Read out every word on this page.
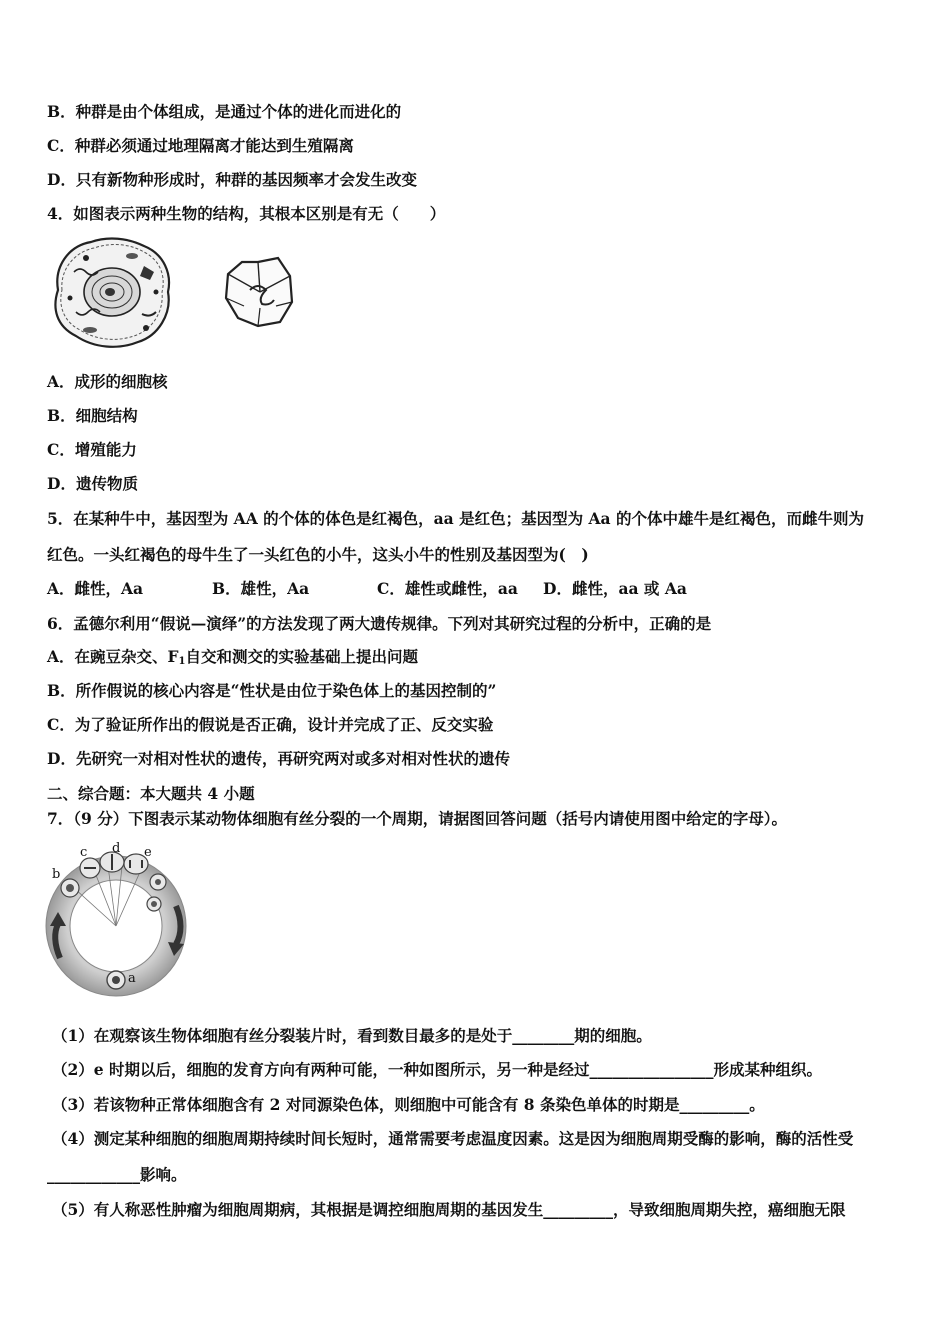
B．种群是由个体组成，是通过个体的进化而进化的
C．种群必须通过地理隔离才能达到生殖隔离
D．只有新物种形成时，种群的基因频率才会发生改变
4．如图表示两种生物的结构，其根本区别是有无（　　）
A．成形的细胞核
B．细胞结构
C．增殖能力
D．遗传物质
5．在某种牛中，基因型为 AA 的个体的体色是红褐色，aa 是红色；基因型为 Aa 的个体中雄牛是红褐色，而雌牛则为
红色。一头红褐色的母牛生了一头红色的小牛，这头小牛的性别及基因型为(　)
A．雌性，Aa	B．雄性，Aa	C．雄性或雌性，aa D．雌性，aa 或 Aa
6．孟德尔利用“假说—演绎”的方法发现了两大遗传规律。下列对其研究过程的分析中，正确的是
A．在豌豆杂交、$F_1$自交和测交的实验基础上提出问题
B．所作假说的核心内容是“性状是由位于染色体上的基因控制的”
C．为了验证所作出的假说是否正确，设计并完成了正、反交实验
D．先研究一对相对性状的遗传，再研究两对或多对相对性状的遗传
二、综合题：本大题共 4 小题
7．（9 分）下图表示某动物体细胞有丝分裂的一个周期，请据图回答问题（括号内请使用图中给定的字母）。
a
b
c d e
（1）在观察该生物体细胞有丝分裂装片时，看到数目最多的是处于________期的细胞。
（2）e 时期以后，细胞的发育方向有两种可能，一种如图所示，另一种是经过________________形成某种组织。
（3）若该物种正常体细胞含有 2 对同源染色体，则细胞中可能含有 8 条染色单体的时期是_________。
（4）测定某种细胞的细胞周期持续时间长短时，通常需要考虑温度因素。这是因为细胞周期受酶的影响，酶的活性受
____________影响。
（5）有人称恶性肿瘤为细胞周期病，其根据是调控细胞周期的基因发生_________，导致细胞周期失控，癌细胞无限
